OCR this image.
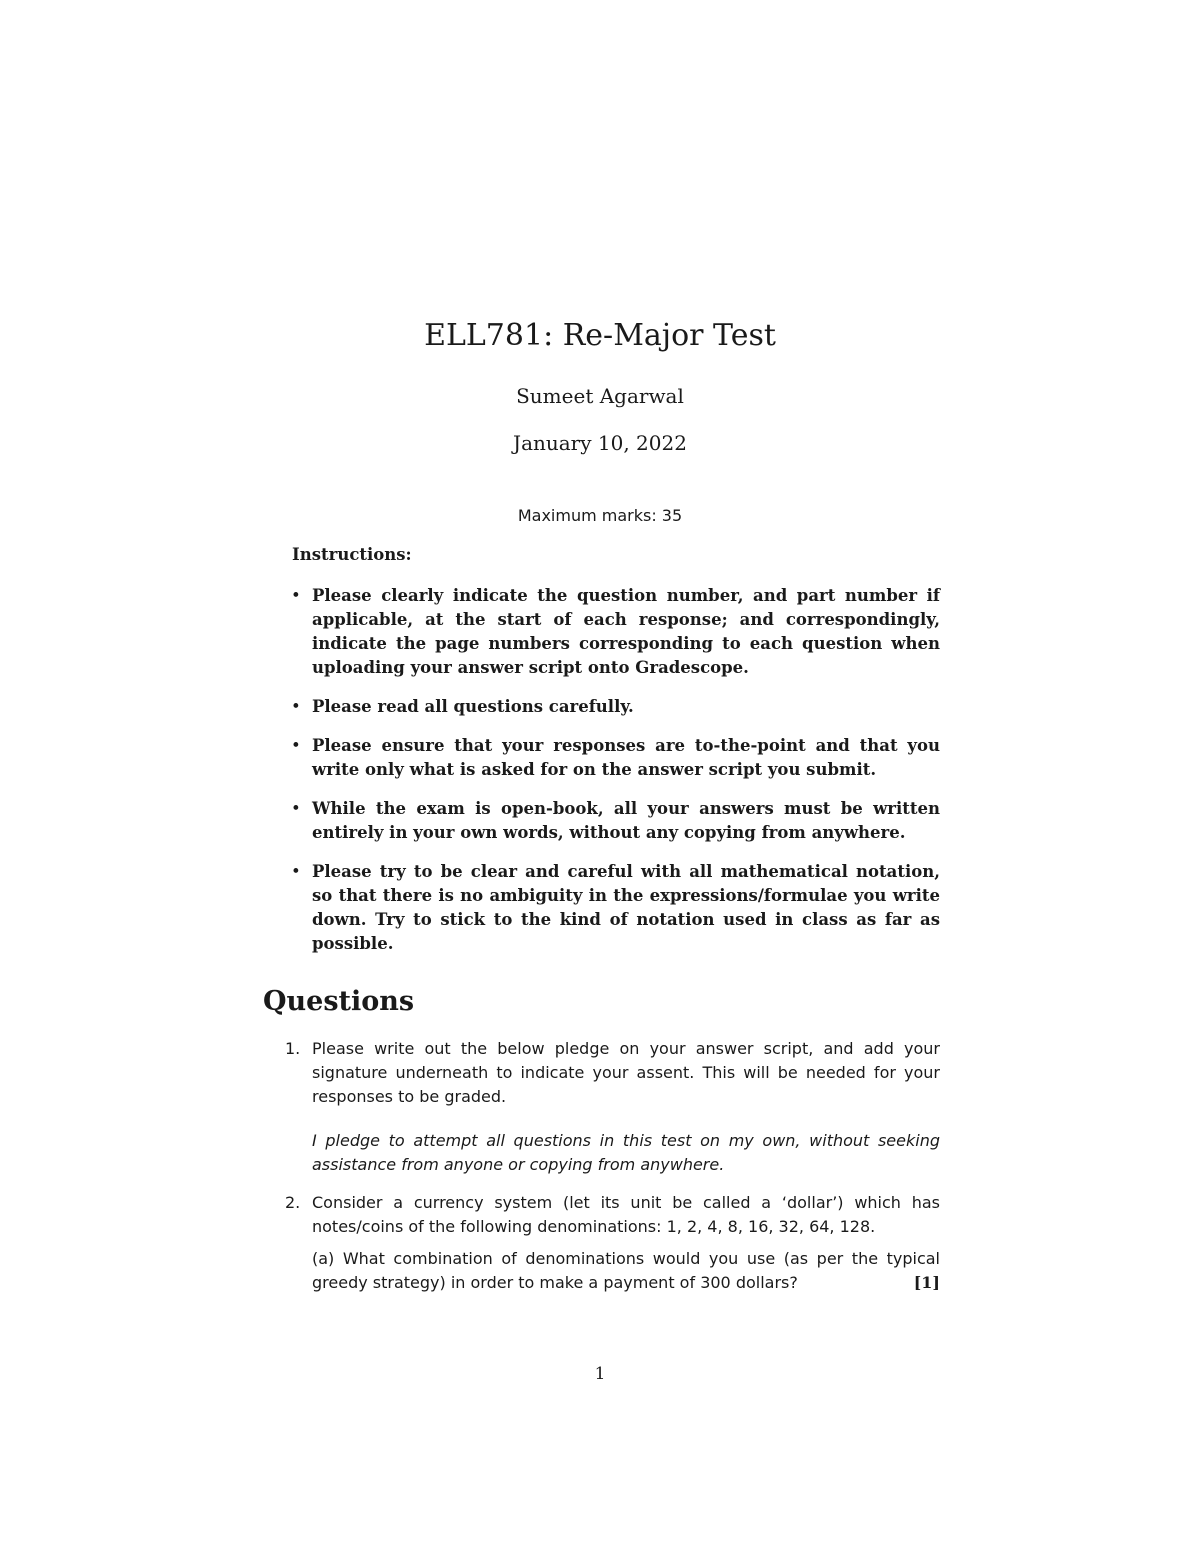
ELL781: Re-Major Test
Sumeet Agarwal
January 10, 2022
Maximum marks: 35
Instructions:
• Please clearly indicate the question number, and part number if applicable, at the start of each response; and correspondingly, indicate the page numbers corresponding to each question when uploading your answer script onto Gradescope.
• Please read all questions carefully.
• Please ensure that your responses are to-the-point and that you write only what is asked for on the answer script you submit.
• While the exam is open-book, all your answers must be written entirely in your own words, without any copying from anywhere.
• Please try to be clear and careful with all mathematical notation, so that there is no ambiguity in the expressions/formulae you write down. Try to stick to the kind of notation used in class as far as possible.
Questions
1. Please write out the below pledge on your answer script, and add your signature underneath to indicate your assent. This will be needed for your responses to be graded.
I pledge to attempt all questions in this test on my own, without seeking assistance from anyone or copying from anywhere.
2. Consider a currency system (let its unit be called a ‘dollar’) which has notes/coins of the following denominations: 1, 2, 4, 8, 16, 32, 64, 128.
(a) What combination of denominations would you use (as per the typical greedy strategy) in order to make a payment of 300 dollars?	[1]
1
